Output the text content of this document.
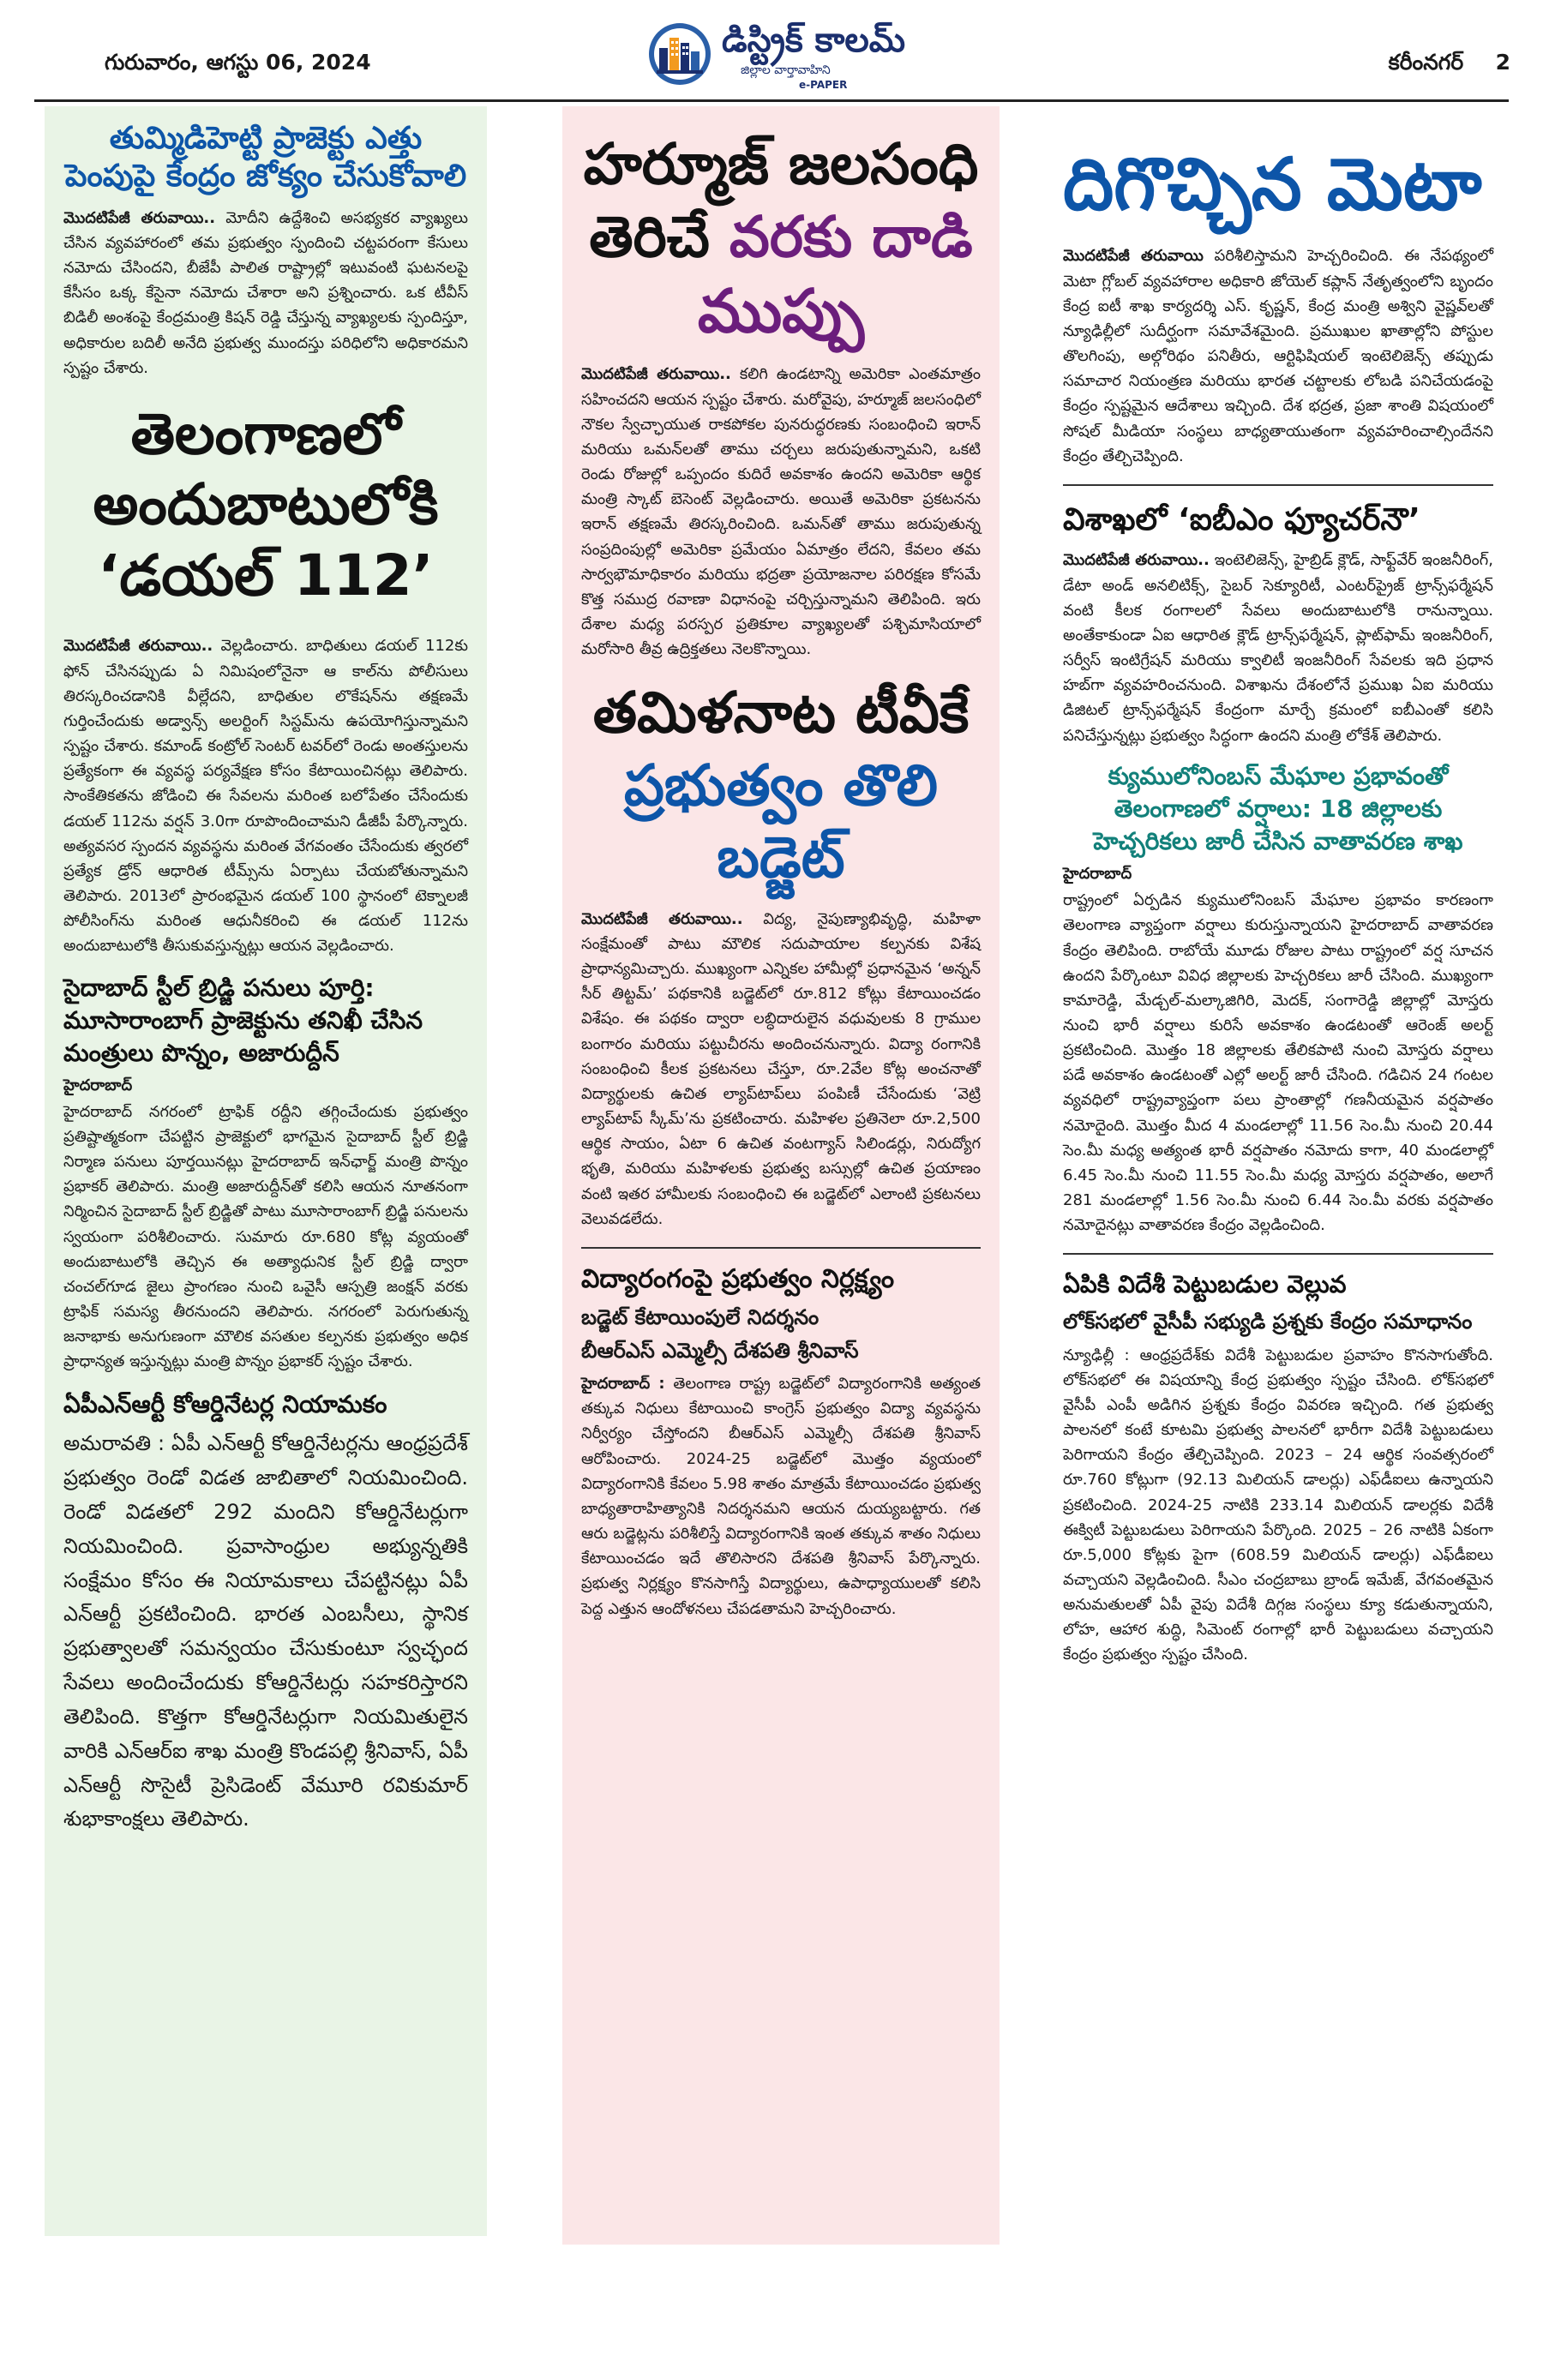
గురువారం, ఆగస్టు 06, 2024
డిస్ట్రిక్ కాలమ్
జిల్లాల వార్తావాహిని
e-PAPER
కరీంనగర్ 2
తుమ్మిడిహెట్టి ప్రాజెక్టు ఎత్తు పెంపుపై కేంద్రం జోక్యం చేసుకోవాలి

మొదటిపేజీ తరువాయి.. మోదీని ఉద్దేశించి అసభ్యకర వ్యాఖ్యలు చేసిన వ్యవహారంలో తమ ప్రభుత్వం స్పందించి చట్టపరంగా కేసులు నమోదు చేసిందని, బీజేపీ పాలిత రాష్ట్రాల్లో ఇటువంటి ఘటనలపై కేసీసం ఒక్క కేసైనా నమోదు చేశారా అని ప్రశ్నించారు. ఒక టీవీస్ బిడిలీ అంశంపై కేంద్రమంత్రి కిషన్ రెడ్డి చేస్తున్న వ్యాఖ్యలకు స్పందిస్తూ, అధికారుల బదిలీ అనేది ప్రభుత్వ ముందస్తు పరిధిలోని అధికారమని స్పష్టం చేశారు.

తెలంగాణలో అందుబాటులోకి ‘డయల్ 112’

మొదటిపేజీ తరువాయి.. వెల్లడించారు. బాధితులు డయల్ 112కు ఫోన్ చేసినప్పుడు ఏ నిమిషంలోనైనా ఆ కాల్‌ను పోలీసులు తిరస్కరించడానికి వీల్లేదని, బాధితుల లొకేషన్‌ను తక్షణమే గుర్తించేందుకు అడ్వాన్స్ అలర్టింగ్ సిస్టమ్‌ను ఉపయోగిస్తున్నామని స్పష్టం చేశారు. కమాండ్ కంట్రోల్ సెంటర్ టవర్‌లో రెండు అంతస్తులను ప్రత్యేకంగా ఈ వ్యవస్థ పర్యవేక్షణ కోసం కేటాయించినట్లు తెలిపారు. సాంకేతికతను జోడించి ఈ సేవలను మరింత బలోపేతం చేసేందుకు డయల్ 112ను వర్షన్ 3.0గా రూపొందించామని డీజీపీ పేర్కొన్నారు. అత్యవసర స్పందన వ్యవస్థను మరింత వేగవంతం చేసేందుకు త్వరలో ప్రత్యేక డ్రోన్ ఆధారిత టీమ్స్‌ను ఏర్పాటు చేయబోతున్నామని తెలిపారు. 2013లో ప్రారంభమైన డయల్ 100 స్థానంలో టెక్నాలజీ పోలీసింగ్‌ను మరింత ఆధునీకరించి ఈ డయల్ 112ను అందుబాటులోకి తీసుకువస్తున్నట్లు ఆయన వెల్లడించారు.

సైదాబాద్ స్టీల్ బ్రిడ్జి పనులు పూర్తి: మూసారాంబాగ్ ప్రాజెక్టును తనిఖీ చేసిన మంత్రులు పొన్నం, అజారుద్దీన్
హైదరాబాద్

హైదరాబాద్ నగరంలో ట్రాఫిక్ రద్దీని తగ్గించేందుకు ప్రభుత్వం ప్రతిష్టాత్మకంగా చేపట్టిన ప్రాజెక్టులో భాగమైన సైదాబాద్ స్టీల్ బ్రిడ్జి నిర్మాణ పనులు పూర్తయినట్లు హైదరాబాద్ ఇన్‌ఛార్జ్ మంత్రి పొన్నం ప్రభాకర్ తెలిపారు. మంత్రి అజారుద్దీన్‌తో కలిసి ఆయన నూతనంగా నిర్మించిన సైదాబాద్ స్టీల్ బ్రిడ్జితో పాటు మూసారాంబాగ్ బ్రిడ్జి పనులను స్వయంగా పరిశీలించారు. సుమారు రూ.680 కోట్ల వ్యయంతో అందుబాటులోకి తెచ్చిన ఈ అత్యాధునిక స్టీల్ బ్రిడ్జి ద్వారా చంచల్‌గూడ జైలు ప్రాంగణం నుంచి ఒవైసీ ఆస్పత్రి జంక్షన్ వరకు ట్రాఫిక్ సమస్య తీరనుందని తెలిపారు. నగరంలో పెరుగుతున్న జనాభాకు అనుగుణంగా మౌలిక వసతుల కల్పనకు ప్రభుత్వం అధిక ప్రాధాన్యత ఇస్తున్నట్లు మంత్రి పొన్నం ప్రభాకర్ స్పష్టం చేశారు.

ఏపీఎన్ఆర్టీ కోఆర్డినేటర్ల నియామకం

అమరావతి : ఏపీ ఎన్ఆర్టీ కోఆర్డినేటర్లను ఆంధ్రప్రదేశ్ ప్రభుత్వం రెండో విడత జాబితాలో నియమించింది. రెండో విడతలో 292 మందిని కోఆర్డినేటర్లుగా నియమించింది. ప్రవాసాంధ్రుల అభ్యున్నతికి సంక్షేమం కోసం ఈ నియామకాలు చేపట్టినట్లు ఏపీ ఎన్ఆర్టీ ప్రకటించింది. భారత ఎంబసీలు, స్థానిక ప్రభుత్వాలతో సమన్వయం చేసుకుంటూ స్వచ్ఛంద సేవలు అందించేందుకు కోఆర్డినేటర్లు సహకరిస్తారని తెలిపింది. కొత్తగా కోఆర్డినేటర్లుగా నియమితులైన వారికి ఎన్ఆర్ఐ శాఖ మంత్రి కొండపల్లి శ్రీనివాస్, ఏపీ ఎన్ఆర్టీ సొసైటీ ప్రెసిడెంట్ వేమూరి రవికుమార్ శుభాకాంక్షలు తెలిపారు.

హర్మూజ్ జలసంధి
తెరిచే వరకు దాడి
ముప్పు

మొదటిపేజీ తరువాయి.. కలిగి ఉండటాన్ని అమెరికా ఎంతమాత్రం సహించదని ఆయన స్పష్టం చేశారు. మరోవైపు, హర్మూజ్ జలసంధిలో నౌకల స్వేచ్ఛాయుత రాకపోకల పునరుద్ధరణకు సంబంధించి ఇరాన్ మరియు ఒమన్‌లతో తాము చర్చలు జరుపుతున్నామని, ఒకటి రెండు రోజుల్లో ఒప్పందం కుదిరే అవకాశం ఉందని అమెరికా ఆర్థిక మంత్రి స్కాట్ బెసెంట్ వెల్లడించారు. అయితే అమెరికా ప్రకటనను ఇరాన్ తక్షణమే తిరస్కరించింది. ఒమన్‌తో తాము జరుపుతున్న సంప్రదింపుల్లో అమెరికా ప్రమేయం ఏమాత్రం లేదని, కేవలం తమ సార్వభౌమాధికారం మరియు భద్రతా ప్రయోజనాల పరిరక్షణ కోసమే కొత్త సముద్ర రవాణా విధానంపై చర్చిస్తున్నామని తెలిపింది. ఇరు దేశాల మధ్య పరస్పర ప్రతికూల వ్యాఖ్యలతో పశ్చిమాసియాలో మరోసారి తీవ్ర ఉద్రిక్తతలు నెలకొన్నాయి.

తమిళనాట టీవీకే
ప్రభుత్వం తొలి
బడ్జెట్

మొదటిపేజీ తరువాయి.. విద్య, నైపుణ్యాభివృద్ధి, మహిళా సంక్షేమంతో పాటు మౌలిక సదుపాయాల కల్పనకు విశేష ప్రాధాన్యమిచ్చారు. ముఖ్యంగా ఎన్నికల హామీల్లో ప్రధానమైన ‘అన్నన్ సీర్ తిట్టమ్’ పథకానికి బడ్జెట్‌లో రూ.812 కోట్లు కేటాయించడం విశేషం. ఈ పథకం ద్వారా లబ్ధిదారులైన వధువులకు 8 గ్రాముల బంగారం మరియు పట్టుచీరను అందించనున్నారు. విద్యా రంగానికి సంబంధించి కీలక ప్రకటనలు చేస్తూ, రూ.2వేల కోట్ల అంచనాతో విద్యార్థులకు ఉచిత ల్యాప్‌టాప్‌లు పంపిణీ చేసేందుకు ‘వెట్రి ల్యాప్‌టాప్ స్కీమ్’ను ప్రకటించారు. మహిళల ప్రతినెలా రూ.2,500 ఆర్థిక సాయం, ఏటా 6 ఉచిత వంటగ్యాస్ సిలిండర్లు, నిరుద్యోగ భృతి, మరియు మహిళలకు ప్రభుత్వ బస్సుల్లో ఉచిత ప్రయాణం వంటి ఇతర హామీలకు సంబంధించి ఈ బడ్జెట్‌లో ఎలాంటి ప్రకటనలు వెలువడలేదు.

విద్యారంగంపై ప్రభుత్వం నిర్లక్ష్యం
బడ్జెట్ కేటాయింపులే నిదర్శనం
బీఆర్ఎస్ ఎమ్మెల్సీ దేశపతి శ్రీనివాస్

హైదరాబాద్ : తెలంగాణ రాష్ట్ర బడ్జెట్‌లో విద్యారంగానికి అత్యంత తక్కువ నిధులు కేటాయించి కాంగ్రెస్ ప్రభుత్వం విద్యా వ్యవస్థను నిర్వీర్యం చేస్తోందని బీఆర్ఎస్ ఎమ్మెల్సీ దేశపతి శ్రీనివాస్ ఆరోపించారు. 2024-25 బడ్జెట్‌లో మొత్తం వ్యయంలో విద్యారంగానికి కేవలం 5.98 శాతం మాత్రమే కేటాయించడం ప్రభుత్వ బాధ్యతారాహిత్యానికి నిదర్శనమని ఆయన దుయ్యబట్టారు. గత ఆరు బడ్జెట్లను పరిశీలిస్తే విద్యారంగానికి ఇంత తక్కువ శాతం నిధులు కేటాయించడం ఇదే తొలిసారని దేశపతి శ్రీనివాస్ పేర్కొన్నారు. ప్రభుత్వ నిర్లక్ష్యం కొనసాగిస్తే విద్యార్థులు, ఉపాధ్యాయులతో కలిసి పెద్ద ఎత్తున ఆందోళనలు చేపడతామని హెచ్చరించారు.

దిగొచ్చిన మెటా

మొదటిపేజీ తరువాయి పరిశీలిస్తామని హెచ్చరించింది. ఈ నేపథ్యంలో మెటా గ్లోబల్ వ్యవహారాల అధికారి జోయెల్ కప్లాన్ నేతృత్వంలోని బృందం కేంద్ర ఐటీ శాఖ కార్యదర్శి ఎస్. కృష్ణన్, కేంద్ర మంత్రి అశ్విని వైష్ణవ్‌లతో న్యూఢిల్లీలో సుదీర్ఘంగా సమావేశమైంది. ప్రముఖుల ఖాతాల్లోని పోస్టుల తొలగింపు, అల్గోరిథం పనితీరు, ఆర్టిఫిషియల్ ఇంటెలిజెన్స్ తప్పుడు సమాచార నియంత్రణ మరియు భారత చట్టాలకు లోబడి పనిచేయడంపై కేంద్రం స్పష్టమైన ఆదేశాలు ఇచ్చింది. దేశ భద్రత, ప్రజా శాంతి విషయంలో సోషల్ మీడియా సంస్థలు బాధ్యతాయుతంగా వ్యవహరించాల్సిందేనని కేంద్రం తేల్చిచెప్పింది.

విశాఖలో ‘ఐబీఎం ఫ్యూచర్‌నౌ’

మొదటిపేజీ తరువాయి.. ఇంటెలిజెన్స్, హైబ్రిడ్ క్లౌడ్, సాఫ్ట్‌వేర్ ఇంజనీరింగ్, డేటా అండ్ అనలిటిక్స్, సైబర్ సెక్యూరిటీ, ఎంటర్‌ప్రైజ్ ట్రాన్స్‌ఫర్మేషన్ వంటి కీలక రంగాలలో సేవలు అందుబాటులోకి రానున్నాయి. అంతేకాకుండా ఏఐ ఆధారిత క్లౌడ్ ట్రాన్స్‌ఫర్మేషన్, ప్లాట్‌ఫామ్ ఇంజనీరింగ్, సర్వీస్ ఇంటిగ్రేషన్ మరియు క్వాలిటీ ఇంజనీరింగ్ సేవలకు ఇది ప్రధాన హబ్‌గా వ్యవహరించనుంది. విశాఖను దేశంలోనే ప్రముఖ ఏఐ మరియు డిజిటల్ ట్రాన్స్‌ఫర్మేషన్ కేంద్రంగా మార్చే క్రమంలో ఐబీఎంతో కలిసి పనిచేస్తున్నట్లు ప్రభుత్వం సిద్ధంగా ఉందని మంత్రి లోకేశ్ తెలిపారు.

క్యుములోనింబస్ మేఘాల ప్రభావంతో
తెలంగాణలో వర్షాలు: 18 జిల్లాలకు
హెచ్చరికలు జారీ చేసిన వాతావరణ శాఖ
హైదరాబాద్

రాష్ట్రంలో ఏర్పడిన క్యుములోనింబస్ మేఘాల ప్రభావం కారణంగా తెలంగాణ వ్యాప్తంగా వర్షాలు కురుస్తున్నాయని హైదరాబాద్ వాతావరణ కేంద్రం తెలిపింది. రాబోయే మూడు రోజుల పాటు రాష్ట్రంలో వర్ష సూచన ఉందని పేర్కొంటూ వివిధ జిల్లాలకు హెచ్చరికలు జారీ చేసింది. ముఖ్యంగా కామారెడ్డి, మేడ్చల్-మల్కాజిగిరి, మెదక్, సంగారెడ్డి జిల్లాల్లో మోస్తరు నుంచి భారీ వర్షాలు కురిసే అవకాశం ఉండటంతో ఆరెంజ్ అలర్ట్ ప్రకటించింది. మొత్తం 18 జిల్లాలకు తేలికపాటి నుంచి మోస్తరు వర్షాలు పడే అవకాశం ఉండటంతో ఎల్లో అలర్ట్ జారీ చేసింది. గడిచిన 24 గంటల వ్యవధిలో రాష్ట్రవ్యాప్తంగా పలు ప్రాంతాల్లో గణనీయమైన వర్షపాతం నమోదైంది. మొత్తం మీద 4 మండలాల్లో 11.56 సెం.మీ నుంచి 20.44 సెం.మీ మధ్య అత్యంత భారీ వర్షపాతం నమోదు కాగా, 40 మండలాల్లో 6.45 సెం.మీ నుంచి 11.55 సెం.మీ మధ్య మోస్తరు వర్షపాతం, అలాగే 281 మండలాల్లో 1.56 సెం.మీ నుంచి 6.44 సెం.మీ వరకు వర్షపాతం నమోదైనట్లు వాతావరణ కేంద్రం వెల్లడించింది.

ఏపికి విదేశీ పెట్టుబడుల వెల్లువ
లోక్‌సభలో వైసీపీ సభ్యుడి ప్రశ్నకు కేంద్రం సమాధానం

న్యూఢిల్లీ : ఆంధ్రప్రదేశ్‌కు విదేశీ పెట్టుబడుల ప్రవాహం కొనసాగుతోంది. లోక్‌సభలో ఈ విషయాన్ని కేంద్ర ప్రభుత్వం స్పష్టం చేసింది. లోక్‌సభలో వైసీపీ ఎంపీ అడిగిన ప్రశ్నకు కేంద్రం వివరణ ఇచ్చింది. గత ప్రభుత్వ పాలనలో కంటే కూటమి ప్రభుత్వ పాలనలో భారీగా విదేశీ పెట్టుబడులు పెరిగాయని కేంద్రం తేల్చిచెప్పింది. 2023 – 24 ఆర్థిక సంవత్సరంలో రూ.760 కోట్లుగా (92.13 మిలియన్ డాలర్లు) ఎఫ్‌డీఐలు ఉన్నాయని ప్రకటించింది. 2024-25 నాటికి 233.14 మిలియన్ డాలర్లకు విదేశీ ఈక్విటీ పెట్టుబడులు పెరిగాయని పేర్కొంది. 2025 – 26 నాటికి ఏకంగా రూ.5,000 కోట్లకు పైగా (608.59 మిలియన్ డాలర్లు) ఎఫ్‌డీఐలు వచ్చాయని వెల్లడించింది. సీఎం చంద్రబాబు బ్రాండ్ ఇమేజ్, వేగవంతమైన అనుమతులతో ఏపీ వైపు విదేశీ దిగ్గజ సంస్థలు క్యూ కడుతున్నాయని, లోహ, ఆహార శుద్ధి, సిమెంట్ రంగాల్లో భారీ పెట్టుబడులు వచ్చాయని కేంద్రం ప్రభుత్వం స్పష్టం చేసింది.
